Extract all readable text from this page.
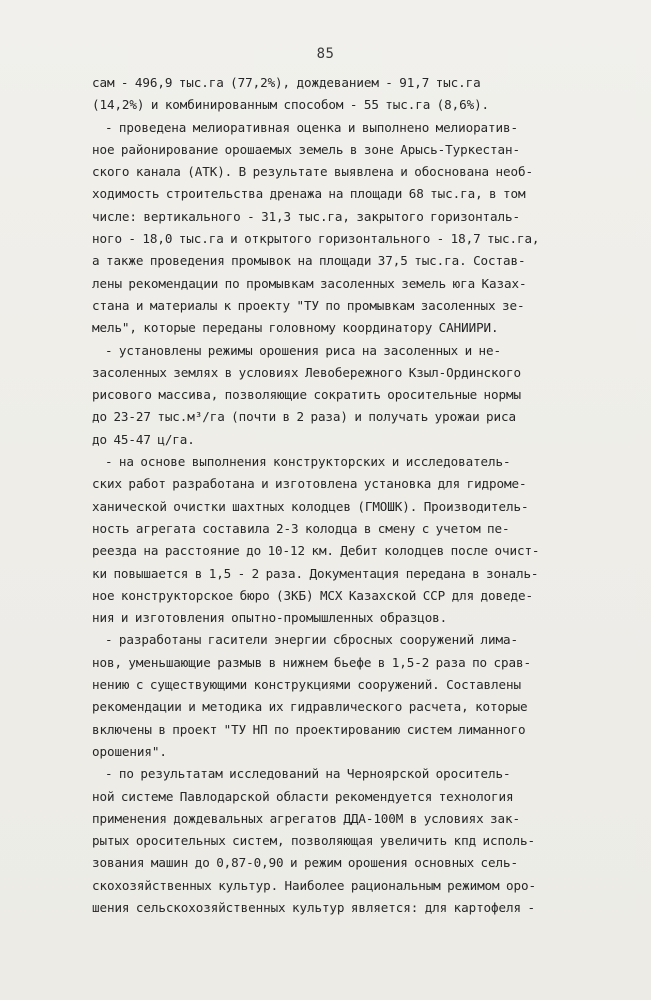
85
сам - 496,9 тыс.га (77,2%), дождеванием - 91,7 тыс.га
(14,2%) и комбинированным способом - 55 тыс.га (8,6%).
- проведена мелиоративная оценка и выполнено мелиоратив-
ное районирование орошаемых земель в зоне Арысь-Туркестан-
ского канала (АТК). В результате выявлена и обоснована необ-
ходимость строительства дренажа на площади 68 тыс.га, в том
числе: вертикального - 31,3 тыс.га, закрытого горизонталь-
ного - 18,0 тыс.га и открытого горизонтального - 18,7 тыс.га,
а также проведения промывок на площади 37,5 тыс.га. Состав-
лены рекомендации по промывкам засоленных земель юга Казах-
стана и материалы к проекту "ТУ по промывкам засоленных зе-
мель", которые переданы головному координатору САНИИРИ.
- установлены режимы орошения риса на засоленных и не-
засоленных землях в условиях Левобережного Кзыл-Ординского
рисового массива, позволяющие сократить оросительные нормы
до 23-27 тыс.м³/га (почти в 2 раза) и получать урожаи риса
до 45-47 ц/га.
- на основе выполнения конструкторских и исследователь-
ских работ разработана и изготовлена установка для гидроме-
ханической очистки шахтных колодцев (ГМОШК). Производитель-
ность агрегата составила 2-3 колодца в смену с учетом пе-
реезда на расстояние до 10-12 км. Дебит колодцев после очист-
ки повышается в 1,5 - 2 раза. Документация передана в зональ-
ное конструкторское бюро (ЗКБ) МСХ Казахской ССР для доведе-
ния и изготовления опытно-промышленных образцов.
- разработаны гасители энергии сбросных сооружений лима-
нов, уменьшающие размыв в нижнем бьефе в 1,5-2 раза по срав-
нению с существующими конструкциями сооружений. Составлены
рекомендации и методика их гидравлического расчета, которые
включены в проект "ТУ НП по проектированию систем лиманного
орошения".
- по результатам исследований на Черноярской ороситель-
ной системе Павлодарской области рекомендуется технология
применения дождевальных агрегатов ДДА-100М в условиях зак-
рытых оросительных систем, позволяющая увеличить кпд исполь-
зования машин до 0,87-0,90 и режим орошения основных сель-
скохозяйственных культур. Наиболее рациональным режимом оро-
шения сельскохозяйственных культур является: для картофеля -
